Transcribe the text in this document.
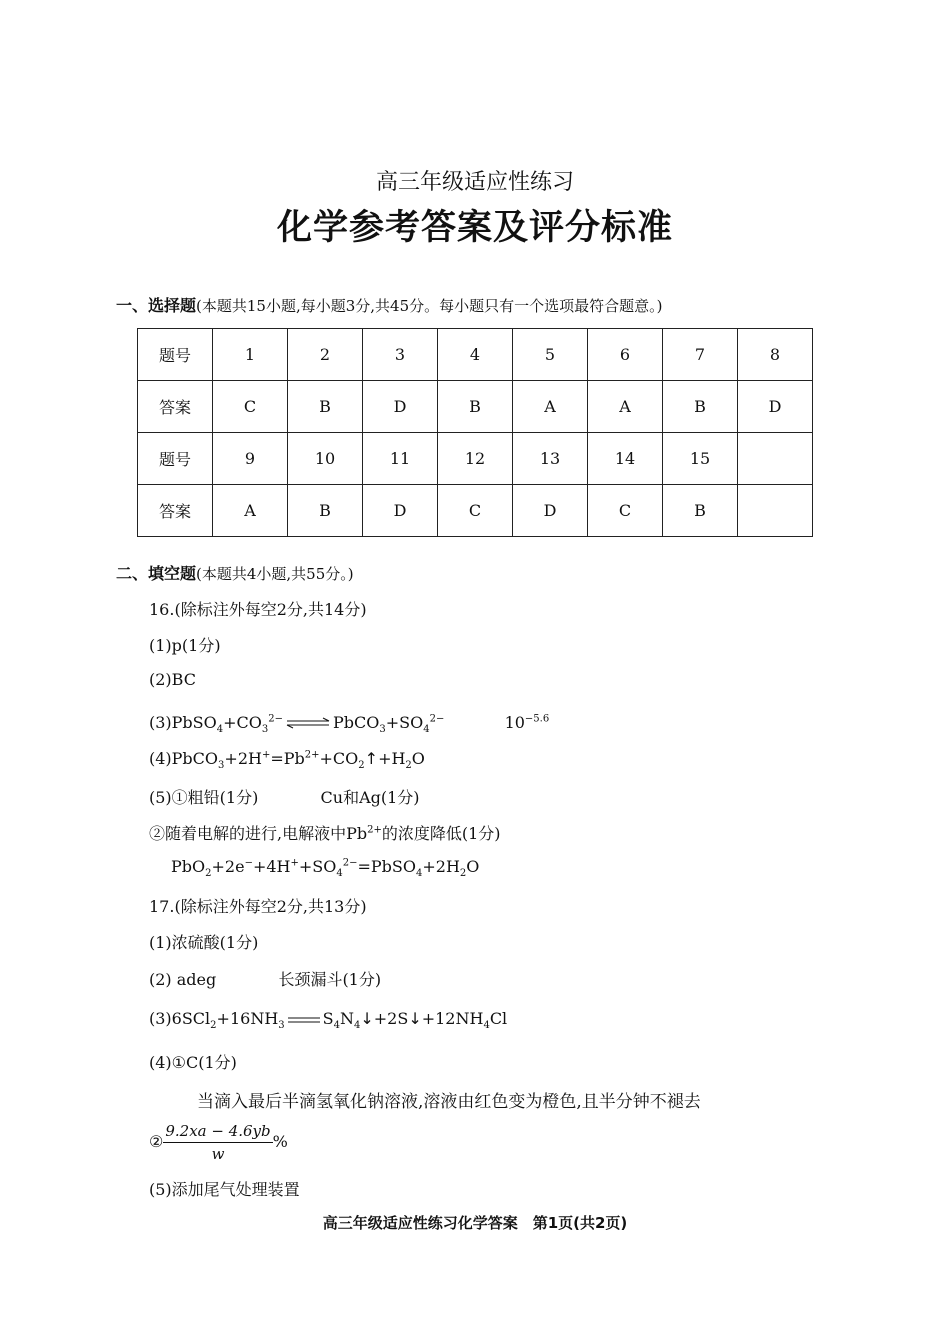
高三年级适应性练习
化学参考答案及评分标准
一、选择题(本题共15小题,每小题3分,共45分。每小题只有一个选项最符合题意。)
题号	1	2	3	4	5	6	7	8
答案	C	B	D	B	A	A	B	D
题号	9	10	11	12	13	14	15	
答案	A	B	D	C	D	C	B	
二、填空题(本题共4小题,共55分。)
16.(除标注外每空2分,共14分)
(1)p(1分)
(2)BC
$(3)PbSO_4+CO_3^{2-}$ ⇌ $PbCO_3+SO_4^{2-}$	$10^{-5.6}$
$(4)PbCO_3+2H^+=Pb^{2+}+CO_2↑+H_2O$
(5)①粗铅(1分)	Cu和Ag(1分)
②随着电解的进行,电解液中$Pb^{2+}$的浓度降低(1分)
$PbO_2+2e^-+4H^++SO_4^{2-}=PbSO_4+2H_2O$
17.(除标注外每空2分,共13分)
(1)浓硫酸(1分)
(2) adeg	长颈漏斗(1分)
$(3)6SCl_2+16NH_3$ $S_4N_4↓+2S↓+12NH_4Cl$
(4)①C(1分)
当滴入最后半滴氢氧化钠溶液,溶液由红色变为橙色,且半分钟不褪去
② $\frac{9.2xa - 4.6yb}{w}$ %
(5)添加尾气处理装置
高三年级适应性练习化学答案　第1页(共2页)
